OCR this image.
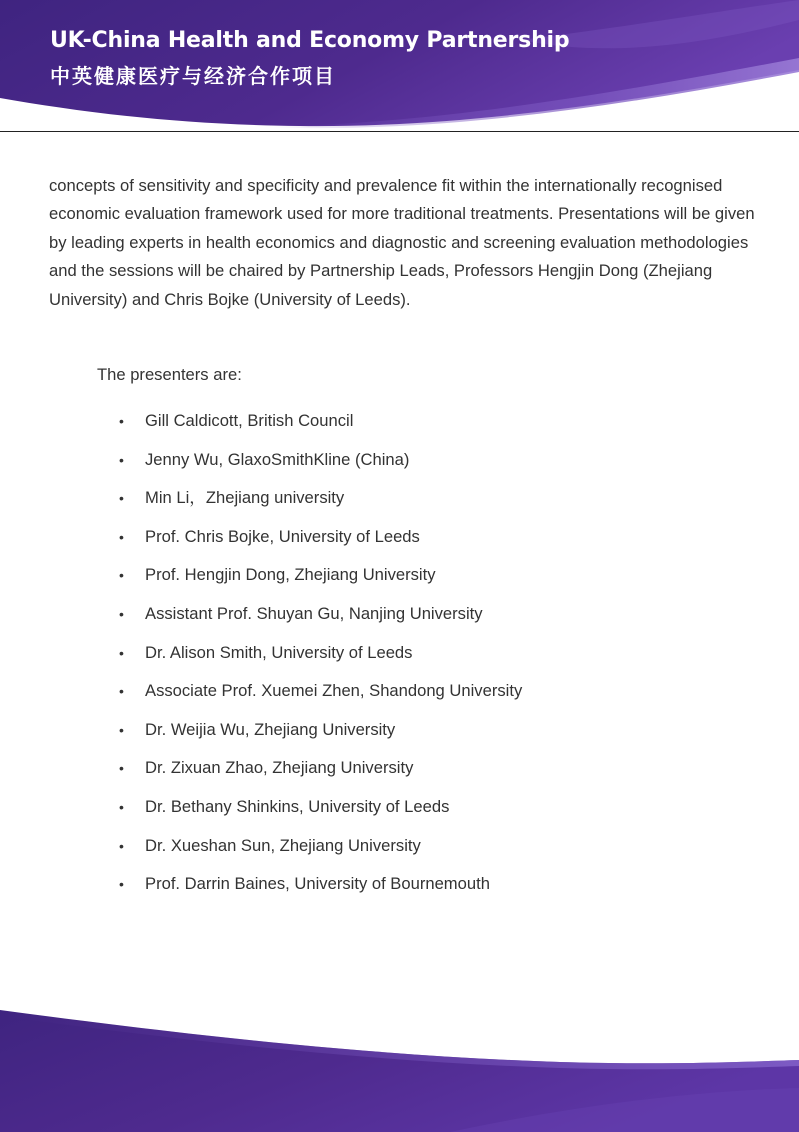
UK-China Health and Economy Partnership
中英健康医疗与经济合作项目

concepts of sensitivity and specificity and prevalence fit within the internationally recognised economic evaluation framework used for more traditional treatments. Presentations will be given by leading experts in health economics and diagnostic and screening evaluation methodologies and the sessions will be chaired by Partnership Leads, Professors Hengjin Dong (Zhejiang University) and Chris Bojke (University of Leeds).

The presenters are:

•	Gill Caldicott, British Council
•	Jenny Wu, GlaxoSmithKline (China)
•	Min Li，Zhejiang university
•	Prof. Chris Bojke, University of Leeds
•	Prof. Hengjin Dong, Zhejiang University
•	Assistant Prof. Shuyan Gu, Nanjing University
•	Dr. Alison Smith, University of Leeds
•	Associate Prof. Xuemei Zhen, Shandong University
•	Dr. Weijia Wu, Zhejiang University
•	Dr. Zixuan Zhao, Zhejiang University
•	Dr. Bethany Shinkins, University of Leeds
•	Dr. Xueshan Sun, Zhejiang University
•	Prof. Darrin Baines, University of Bournemouth
